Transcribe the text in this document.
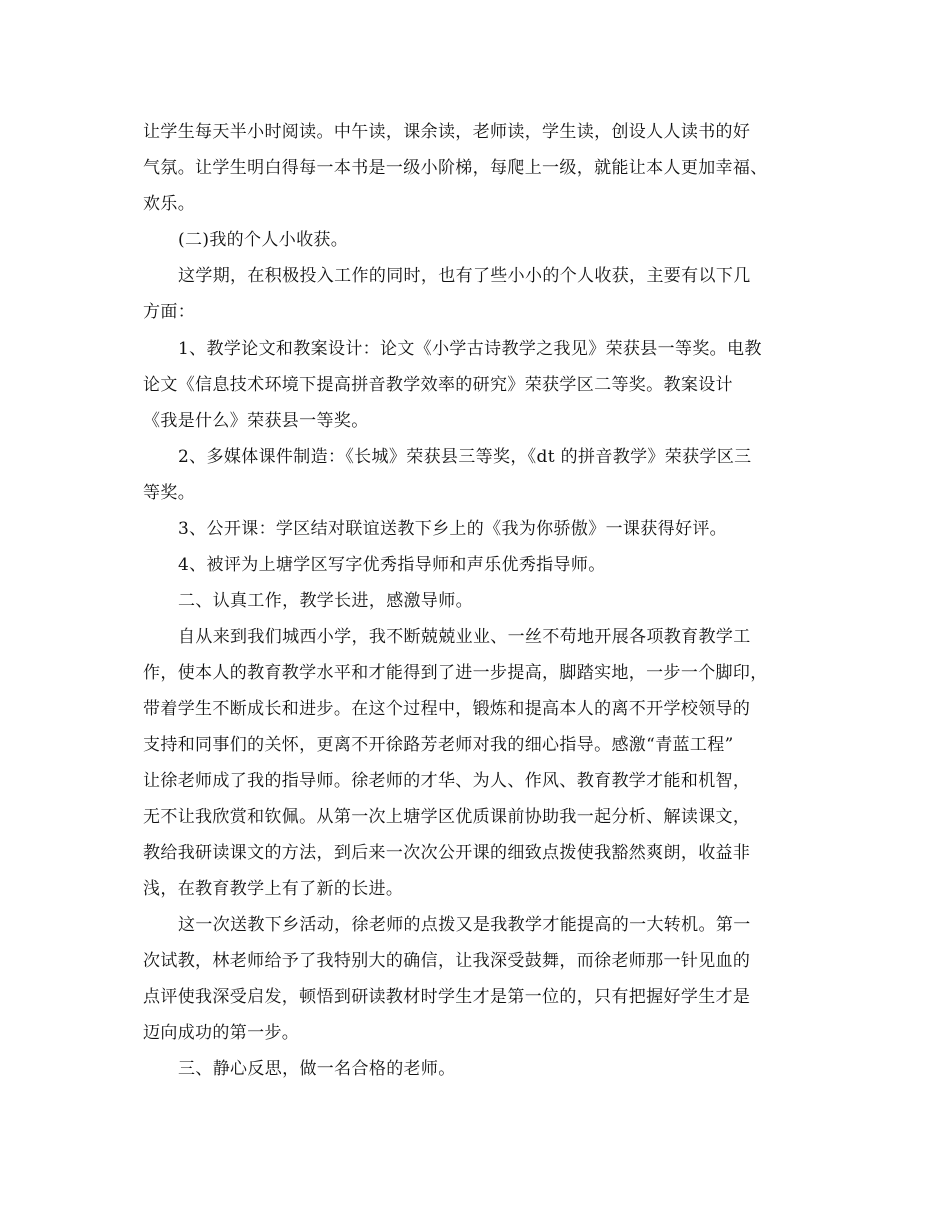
让学生每天半小时阅读。中午读，课余读，老师读，学生读，创设人人读书的好
气氛。让学生明白得每一本书是一级小阶梯，每爬上一级，就能让本人更加幸福、
欢乐。
(二)我的个人小收获。
这学期，在积极投入工作的同时，也有了些小小的个人收获，主要有以下几
方面：
1、教学论文和教案设计：论文《小学古诗教学之我见》荣获县一等奖。电教
论文《信息技术环境下提高拼音教学效率的研究》荣获学区二等奖。教案设计
《我是什么》荣获县一等奖。
2、多媒体课件制造：《长城》荣获县三等奖，《dt 的拼音教学》荣获学区三
等奖。
3、公开课：学区结对联谊送教下乡上的《我为你骄傲》一课获得好评。
4、被评为上塘学区写字优秀指导师和声乐优秀指导师。
二、认真工作，教学长进，感激导师。
自从来到我们城西小学，我不断兢兢业业、一丝不苟地开展各项教育教学工
作，使本人的教育教学水平和才能得到了进一步提高，脚踏实地，一步一个脚印，
带着学生不断成长和进步。在这个过程中，锻炼和提高本人的离不开学校领导的
支持和同事们的关怀，更离不开徐路芳老师对我的细心指导。感激“青蓝工程”
让徐老师成了我的指导师。徐老师的才华、为人、作风、教育教学才能和机智，
无不让我欣赏和钦佩。从第一次上塘学区优质课前协助我一起分析、解读课文，
教给我研读课文的方法，到后来一次次公开课的细致点拨使我豁然爽朗，收益非
浅，在教育教学上有了新的长进。
这一次送教下乡活动，徐老师的点拨又是我教学才能提高的一大转机。第一
次试教，林老师给予了我特别大的确信，让我深受鼓舞，而徐老师那一针见血的
点评使我深受启发，顿悟到研读教材时学生才是第一位的，只有把握好学生才是
迈向成功的第一步。
三、静心反思，做一名合格的老师。
